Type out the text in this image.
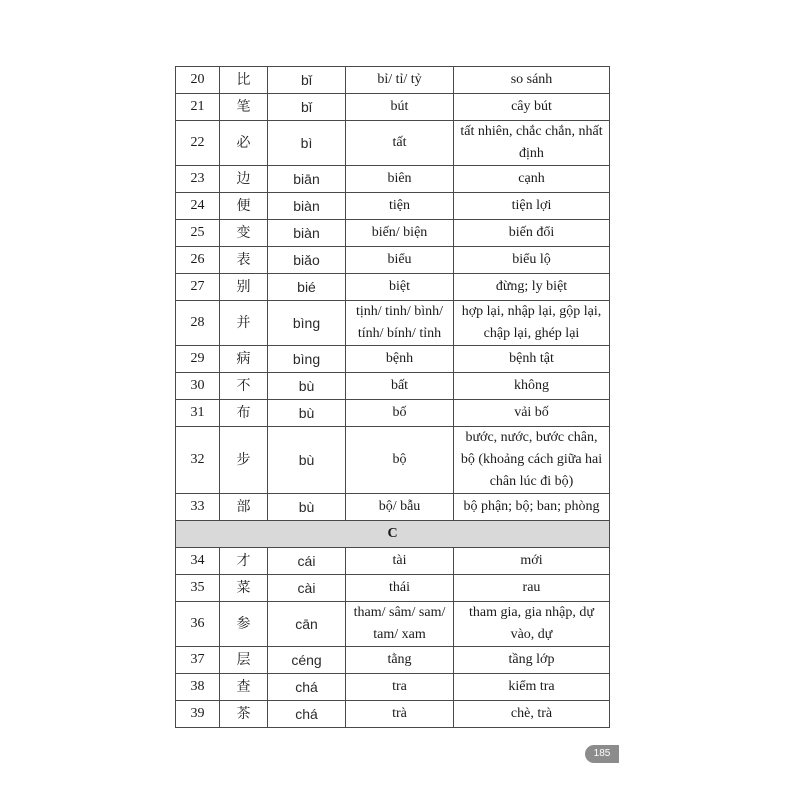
20	比	bǐ	bỉ/ tỉ/ tỷ	so sánh
21	笔	bǐ	bút	cây bút
22	必	bì	tất	tất nhiên, chắc chắn, nhất định
23	边	biān	biên	cạnh
24	便	biàn	tiện	tiện lợi
25	变	biàn	biến/ biện	biến đổi
26	表	biǎo	biểu	biểu lộ
27	别	bié	biệt	đừng; ly biệt
28	并	bìng	tịnh/ tinh/ bình/ tính/ bính/ tỉnh	hợp lại, nhập lại, gộp lại, chập lại, ghép lại
29	病	bìng	bệnh	bệnh tật
30	不	bù	bất	không
31	布	bù	bố	vải bố
32	步	bù	bộ	bước, nước, bước chân, bộ (khoảng cách giữa hai chân lúc đi bộ)
33	部	bù	bộ/ bẫu	bộ phận; bộ; ban; phòng
C				
34	才	cái	tài	mới
35	菜	cài	thái	rau
36	参	cān	tham/ sâm/ sam/ tam/ xam	tham gia, gia nhập, dự vào, dự
37	层	céng	tằng	tầng lớp
38	查	chá	tra	kiểm tra
39	茶	chá	trà	chè, trà
185
